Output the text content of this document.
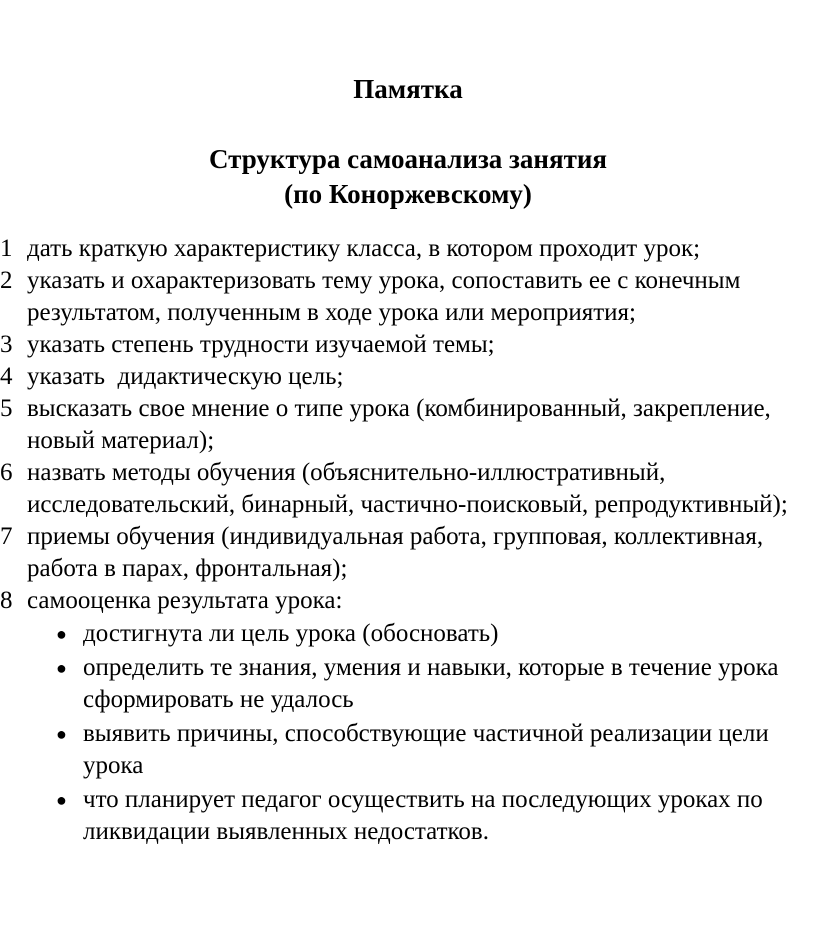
Памятка
Структура самоанализа занятия
(по Коноржевскому)
1 дать краткую характеристику класса, в котором проходит урок;
2 указать и охарактеризовать тему урока, сопоставить ее с конечным результатом, полученным в ходе урока или мероприятия;
3 указать степень трудности изучаемой темы;
4 указать  дидактическую цель;
5 высказать свое мнение о типе урока (комбинированный, закрепление, новый материал);
6 назвать методы обучения (объяснительно-иллюстративный, исследовательский, бинарный, частично-поисковый, репродуктивный);
7 приемы обучения (индивидуальная работа, групповая, коллективная, работа в парах, фронтальная);
8 самооценка результата урока:
● достигнута ли цель урока (обосновать)
● определить те знания, умения и навыки, которые в течение урока сформировать не удалось
● выявить причины, способствующие частичной реализации цели урока
● что планирует педагог осуществить на последующих уроках по ликвидации выявленных недостатков.
